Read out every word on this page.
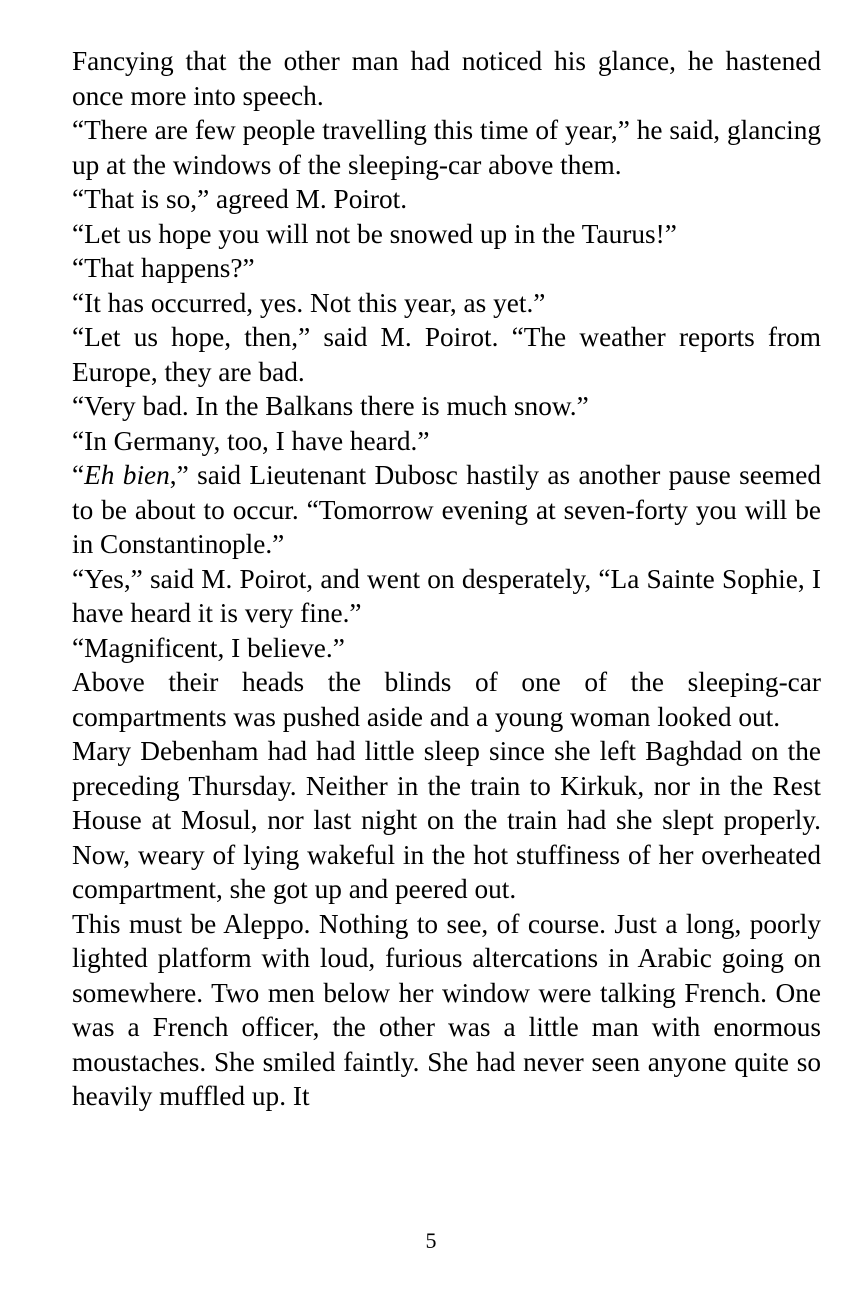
Fancying that the other man had noticed his glance, he hastened once more into speech.

“There are few people travelling this time of year,” he said, glancing up at the windows of the sleeping-car above them.

“That is so,” agreed M. Poirot.

“Let us hope you will not be snowed up in the Taurus!”

“That happens?”

“It has occurred, yes. Not this year, as yet.”

“Let us hope, then,” said M. Poirot. “The weather reports from Europe, they are bad.

“Very bad. In the Balkans there is much snow.”

“In Germany, too, I have heard.”

“Eh bien,” said Lieutenant Dubosc hastily as another pause seemed to be about to occur. “Tomorrow evening at seven-forty you will be in Constantinople.”

“Yes,” said M. Poirot, and went on desperately, “La Sainte Sophie, I have heard it is very fine.”

“Magnificent, I believe.”

Above their heads the blinds of one of the sleeping-car compartments was pushed aside and a young woman looked out.

Mary Debenham had had little sleep since she left Baghdad on the preceding Thursday. Neither in the train to Kirkuk, nor in the Rest House at Mosul, nor last night on the train had she slept properly. Now, weary of lying wakeful in the hot stuffiness of her overheated compartment, she got up and peered out.

This must be Aleppo. Nothing to see, of course. Just a long, poorly lighted platform with loud, furious altercations in Arabic going on somewhere. Two men below her window were talking French. One was a French officer, the other was a little man with enormous moustaches. She smiled faintly. She had never seen anyone quite so heavily muffled up. It

5
